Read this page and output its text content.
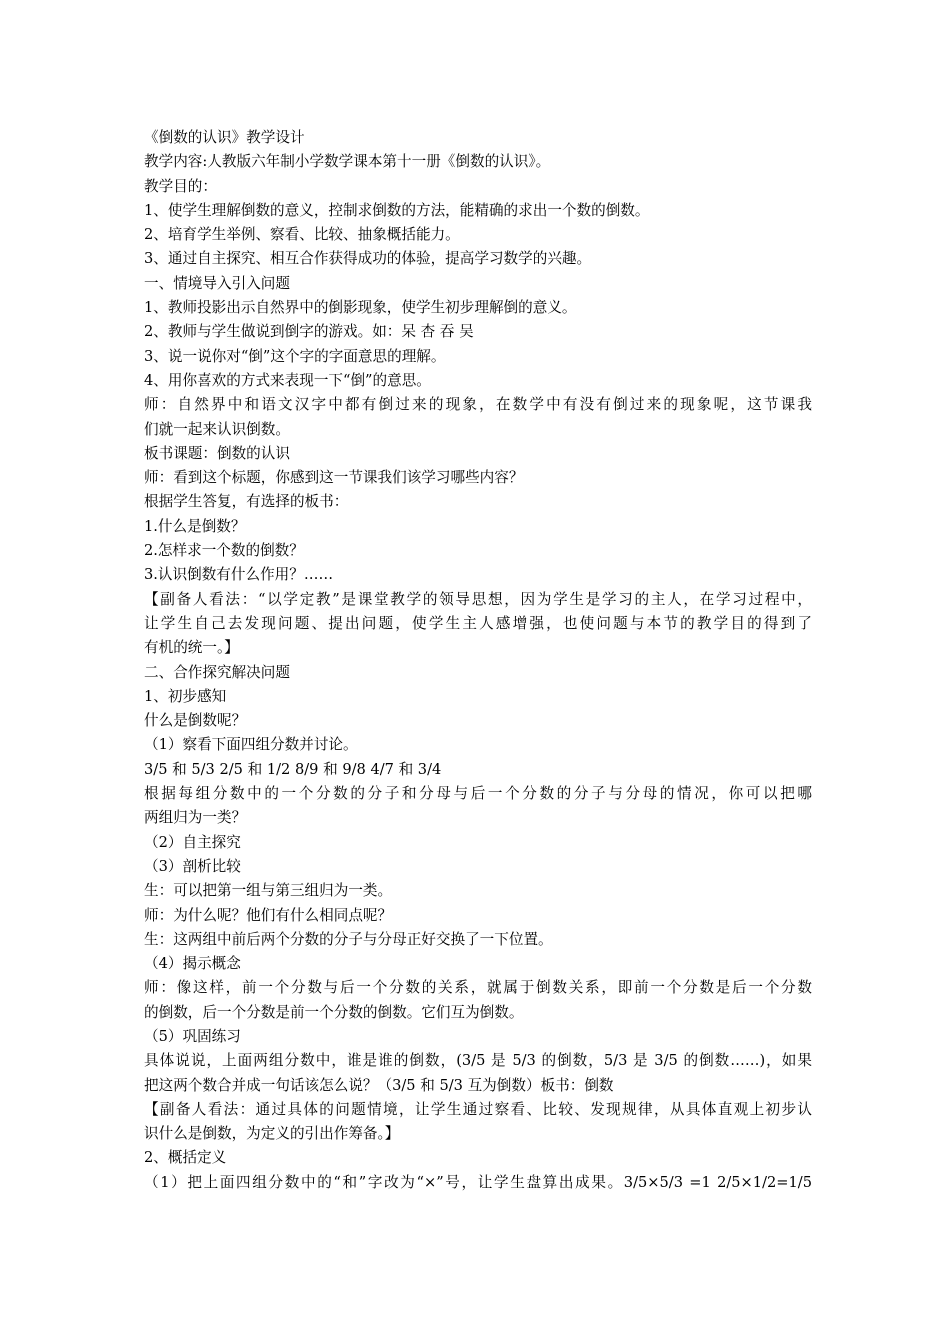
《倒数的认识》教学设计
教学内容:人教版六年制小学数学课本第十一册《倒数的认识》。
教学目的：
1、使学生理解倒数的意义，控制求倒数的方法，能精确的求出一个数的倒数。
2、培育学生举例、察看、比较、抽象概括能力。
3、通过自主探究、相互合作获得成功的体验，提高学习数学的兴趣。
一、情境导入引入问题
1、教师投影出示自然界中的倒影现象，使学生初步理解倒的意义。
2、教师与学生做说到倒字的游戏。如：呆 杏 吞 吴
3、说一说你对“倒”这个字的字面意思的理解。
4、用你喜欢的方式来表现一下“倒”的意思。
师：自然界中和语文汉字中都有倒过来的现象，在数学中有没有倒过来的现象呢，这节课我
们就一起来认识倒数。
板书课题：倒数的认识
师：看到这个标题，你感到这一节课我们该学习哪些内容？
根据学生答复，有选择的板书：
1.什么是倒数？
2.怎样求一个数的倒数？
3.认识倒数有什么作用？……
【副备人看法：“以学定教”是课堂教学的领导思想，因为学生是学习的主人，在学习过程中，
让学生自己去发现问题、提出问题，使学生主人感增强，也使问题与本节的教学目的得到了
有机的统一。】
二、合作探究解决问题
1、初步感知
什么是倒数呢？
（1）察看下面四组分数并讨论。
3/5 和 5/3 2/5 和 1/2 8/9 和 9/8 4/7 和 3/4
根据每组分数中的一个分数的分子和分母与后一个分数的分子与分母的情况，你可以把哪
两组归为一类？
（2）自主探究
（3）剖析比较
生：可以把第一组与第三组归为一类。
师：为什么呢？他们有什么相同点呢？
生：这两组中前后两个分数的分子与分母正好交换了一下位置。
（4）揭示概念
师：像这样，前一个分数与后一个分数的关系，就属于倒数关系，即前一个分数是后一个分数
的倒数，后一个分数是前一个分数的倒数。它们互为倒数。
（5）巩固练习
具体说说，上面两组分数中，谁是谁的倒数，(3/5 是 5/3 的倒数，5/3 是 3/5 的倒数……)，如果
把这两个数合并成一句话该怎么说？（3/5 和 5/3 互为倒数）板书：倒数
【副备人看法：通过具体的问题情境，让学生通过察看、比较、发现规律，从具体直观上初步认
识什么是倒数，为定义的引出作筹备。】
2、概括定义
（1）把上面四组分数中的“和”字改为“×”号，让学生盘算出成果。3/5×5/3 =1 2/5×1/2=1/5
